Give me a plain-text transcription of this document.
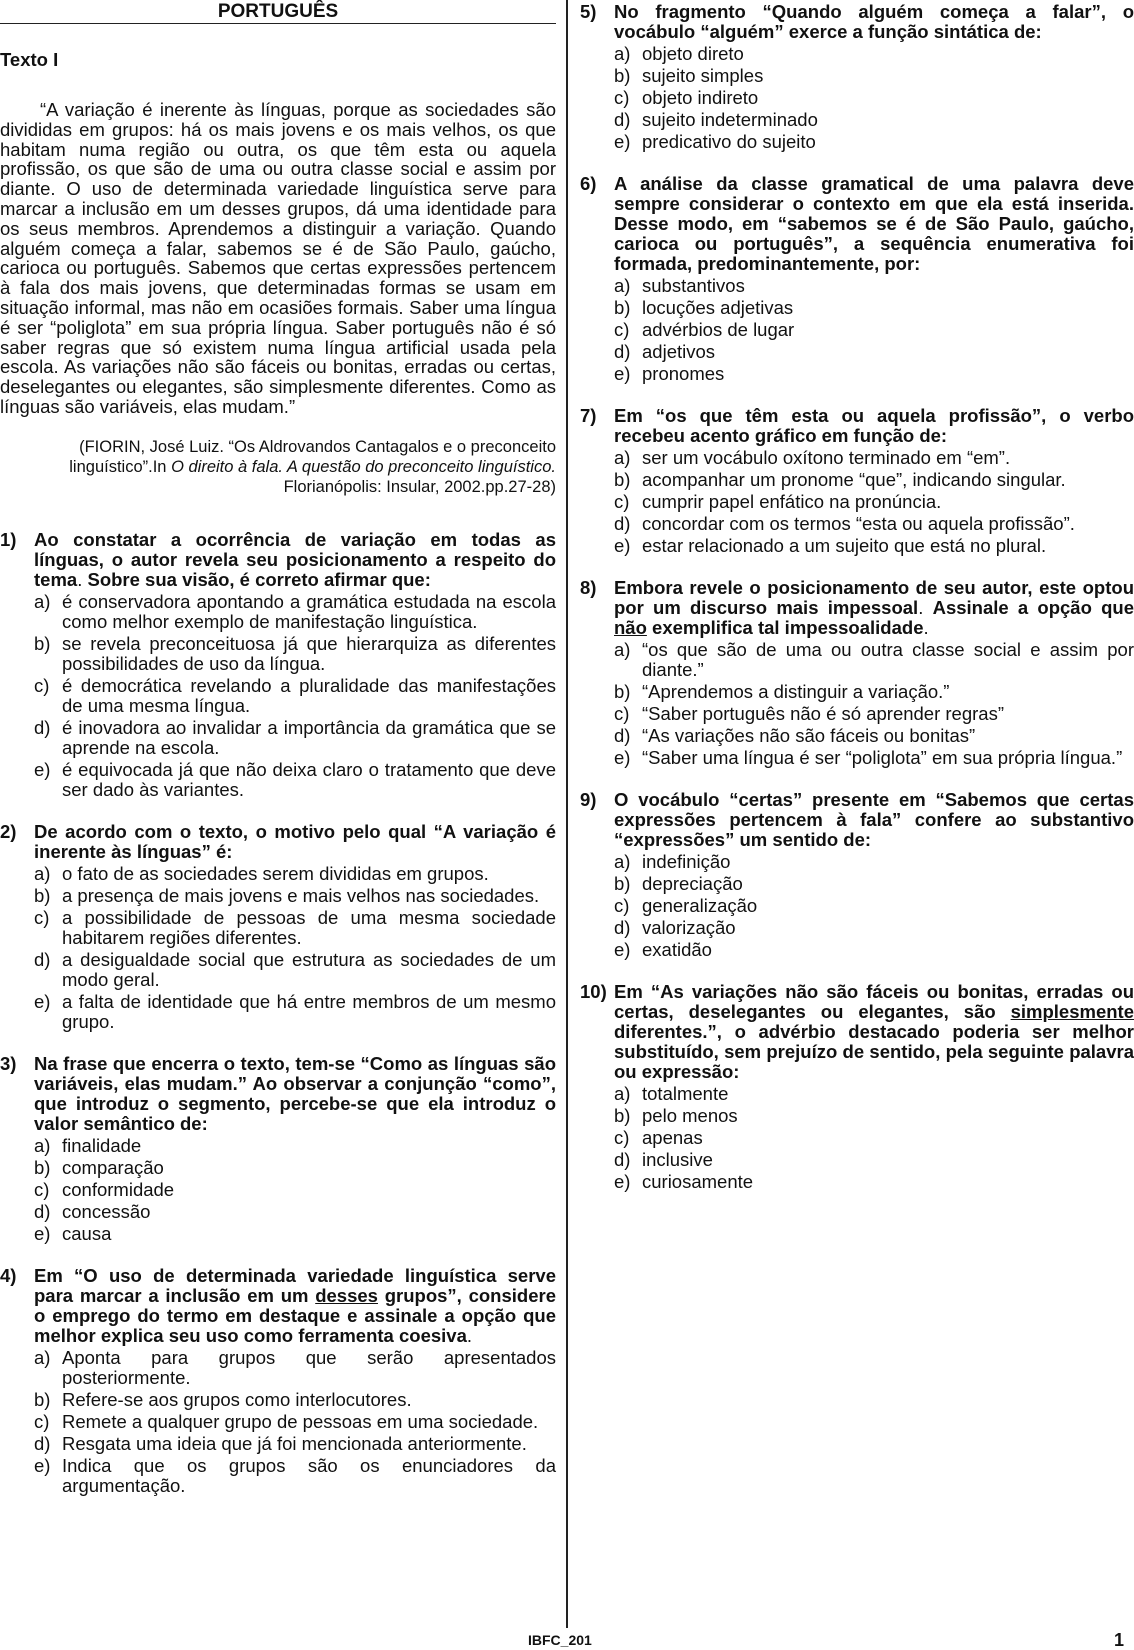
PORTUGUÊS
Texto I
“A variação é inerente às línguas, porque as sociedades são divididas em grupos: há os mais jovens e os mais velhos, os que habitam numa região ou outra, os que têm esta ou aquela profissão, os que são de uma ou outra classe social e assim por diante. O uso de determinada variedade linguística serve para marcar a inclusão em um desses grupos, dá uma identidade para os seus membros. Aprendemos a distinguir a variação. Quando alguém começa a falar, sabemos se é de São Paulo, gaúcho, carioca ou português. Sabemos que certas expressões pertencem à fala dos mais jovens, que determinadas formas se usam em situação informal, mas não em ocasiões formais. Saber uma língua é ser “poliglota” em sua própria língua. Saber português não é só saber regras que só existem numa língua artificial usada pela escola. As variações não são fáceis ou bonitas, erradas ou certas, deselegantes ou elegantes, são simplesmente diferentes. Como as línguas são variáveis, elas mudam.”
(FIORIN, José Luiz. “Os Aldrovandos Cantagalos e o preconceito
linguístico”.In O direito à fala. A questão do preconceito linguístico.
Florianópolis: Insular, 2002.pp.27-28)
1) Ao constatar a ocorrência de variação em todas as línguas, o autor revela seu posicionamento a respeito do tema. Sobre sua visão, é correto afirmar que:
a) é conservadora apontando a gramática estudada na escola como melhor exemplo de manifestação linguística.
b) se revela preconceituosa já que hierarquiza as diferentes possibilidades de uso da língua.
c) é democrática revelando a pluralidade das manifestações de uma mesma língua.
d) é inovadora ao invalidar a importância da gramática que se aprende na escola.
e) é equivocada já que não deixa claro o tratamento que deve ser dado às variantes.
2) De acordo com o texto, o motivo pelo qual “A variação é inerente às línguas” é:
a) o fato de as sociedades serem divididas em grupos.
b) a presença de mais jovens e mais velhos nas sociedades.
c) a possibilidade de pessoas de uma mesma sociedade habitarem regiões diferentes.
d) a desigualdade social que estrutura as sociedades de um modo geral.
e) a falta de identidade que há entre membros de um mesmo grupo.
3) Na frase que encerra o texto, tem-se “Como as línguas são variáveis, elas mudam.” Ao observar a conjunção “como”, que introduz o segmento, percebe-se que ela introduz o valor semântico de:
a) finalidade
b) comparação
c) conformidade
d) concessão
e) causa
4) Em “O uso de determinada variedade linguística serve para marcar a inclusão em um desses grupos”, considere o emprego do termo em destaque e assinale a opção que melhor explica seu uso como ferramenta coesiva.
a) Aponta para grupos que serão apresentados posteriormente.
b) Refere-se aos grupos como interlocutores.
c) Remete a qualquer grupo de pessoas em uma sociedade.
d) Resgata uma ideia que já foi mencionada anteriormente.
e) Indica que os grupos são os enunciadores da argumentação.
5) No fragmento “Quando alguém começa a falar”, o vocábulo “alguém” exerce a função sintática de:
a) objeto direto
b) sujeito simples
c) objeto indireto
d) sujeito indeterminado
e) predicativo do sujeito
6) A análise da classe gramatical de uma palavra deve sempre considerar o contexto em que ela está inserida. Desse modo, em “sabemos se é de São Paulo, gaúcho, carioca ou português”, a sequência enumerativa foi formada, predominantemente, por:
a) substantivos
b) locuções adjetivas
c) advérbios de lugar
d) adjetivos
e) pronomes
7) Em “os que têm esta ou aquela profissão”, o verbo recebeu acento gráfico em função de:
a) ser um vocábulo oxítono terminado em “em”.
b) acompanhar um pronome “que”, indicando singular.
c) cumprir papel enfático na pronúncia.
d) concordar com os termos “esta ou aquela profissão”.
e) estar relacionado a um sujeito que está no plural.
8) Embora revele o posicionamento de seu autor, este optou por um discurso mais impessoal. Assinale a opção que não exemplifica tal impessoalidade.
a) “os que são de uma ou outra classe social e assim por diante.”
b) “Aprendemos a distinguir a variação.”
c) “Saber português não é só aprender regras”
d) “As variações não são fáceis ou bonitas”
e) “Saber uma língua é ser “poliglota” em sua própria língua.”
9) O vocábulo “certas” presente em “Sabemos que certas expressões pertencem à fala” confere ao substantivo “expressões” um sentido de:
a) indefinição
b) depreciação
c) generalização
d) valorização
e) exatidão
10) Em “As variações não são fáceis ou bonitas, erradas ou certas, deselegantes ou elegantes, são simplesmente diferentes.”, o advérbio destacado poderia ser melhor substituído, sem prejuízo de sentido, pela seguinte palavra ou expressão:
a) totalmente
b) pelo menos
c) apenas
d) inclusive
e) curiosamente
IBFC_201	1
